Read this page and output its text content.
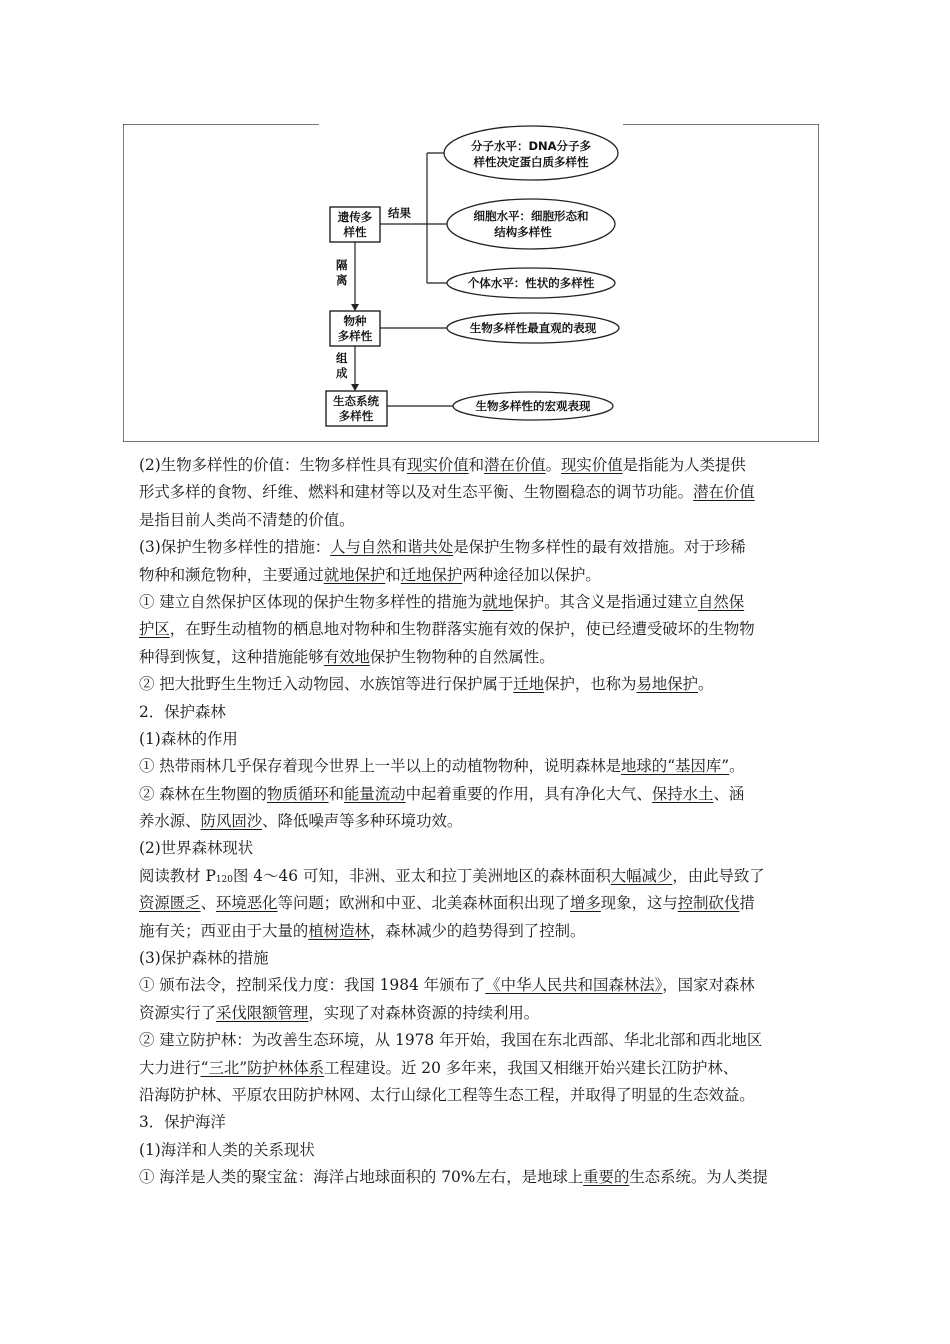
遗传多
样性
物种
多样性
生态系统
多样性
隔
离
组
成
结果
分子水平：DNA分子多
样性决定蛋白质多样性
细胞水平：细胞形态和
结构多样性
个体水平：性状的多样性
生物多样性最直观的表现
生物多样性的宏观表现
(2)生物多样性的价值：生物多样性具有现实价值和潜在价值。现实价值是指能为人类提供
形式多样的食物、纤维、燃料和建材等以及对生态平衡、生物圈稳态的调节功能。潜在价值
是指目前人类尚不清楚的价值。
(3)保护生物多样性的措施：人与自然和谐共处是保护生物多样性的最有效措施。对于珍稀
物种和濒危物种，主要通过就地保护和迁地保护两种途径加以保护。
① 建立自然保护区体现的保护生物多样性的措施为就地保护。其含义是指通过建立自然保
护区，在野生动植物的栖息地对物种和生物群落实施有效的保护，使已经遭受破坏的生物物
种得到恢复，这种措施能够有效地保护生物物种的自然属性。
② 把大批野生生物迁入动物园、水族馆等进行保护属于迁地保护，也称为易地保护。
2．保护森林
(1)森林的作用
① 热带雨林几乎保存着现今世界上一半以上的动植物物种，说明森林是地球的“基因库”。
② 森林在生物圈的物质循环和能量流动中起着重要的作用，具有净化大气、保持水土、涵
养水源、防风固沙、降低噪声等多种环境功效。
(2)世界森林现状
阅读教材 $P_{120}$图 4～46 可知，非洲、亚太和拉丁美洲地区的森林面积大幅减少，由此导致了
资源匮乏、环境恶化等问题；欧洲和中亚、北美森林面积出现了增多现象，这与控制砍伐措
施有关；西亚由于大量的植树造林，森林减少的趋势得到了控制。
(3)保护森林的措施
① 颁布法令，控制采伐力度：我国 1984 年颁布了《中华人民共和国森林法》，国家对森林
资源实行了采伐限额管理，实现了对森林资源的持续利用。
② 建立防护林：为改善生态环境，从 1978 年开始，我国在东北西部、华北北部和西北地区
大力进行“三北”防护林体系工程建设。近 20 多年来，我国又相继开始兴建长江防护林、
沿海防护林、平原农田防护林网、太行山绿化工程等生态工程，并取得了明显的生态效益。
3．保护海洋
(1)海洋和人类的关系现状
① 海洋是人类的聚宝盆：海洋占地球面积的 70%左右，是地球上重要的生态系统。为人类提
